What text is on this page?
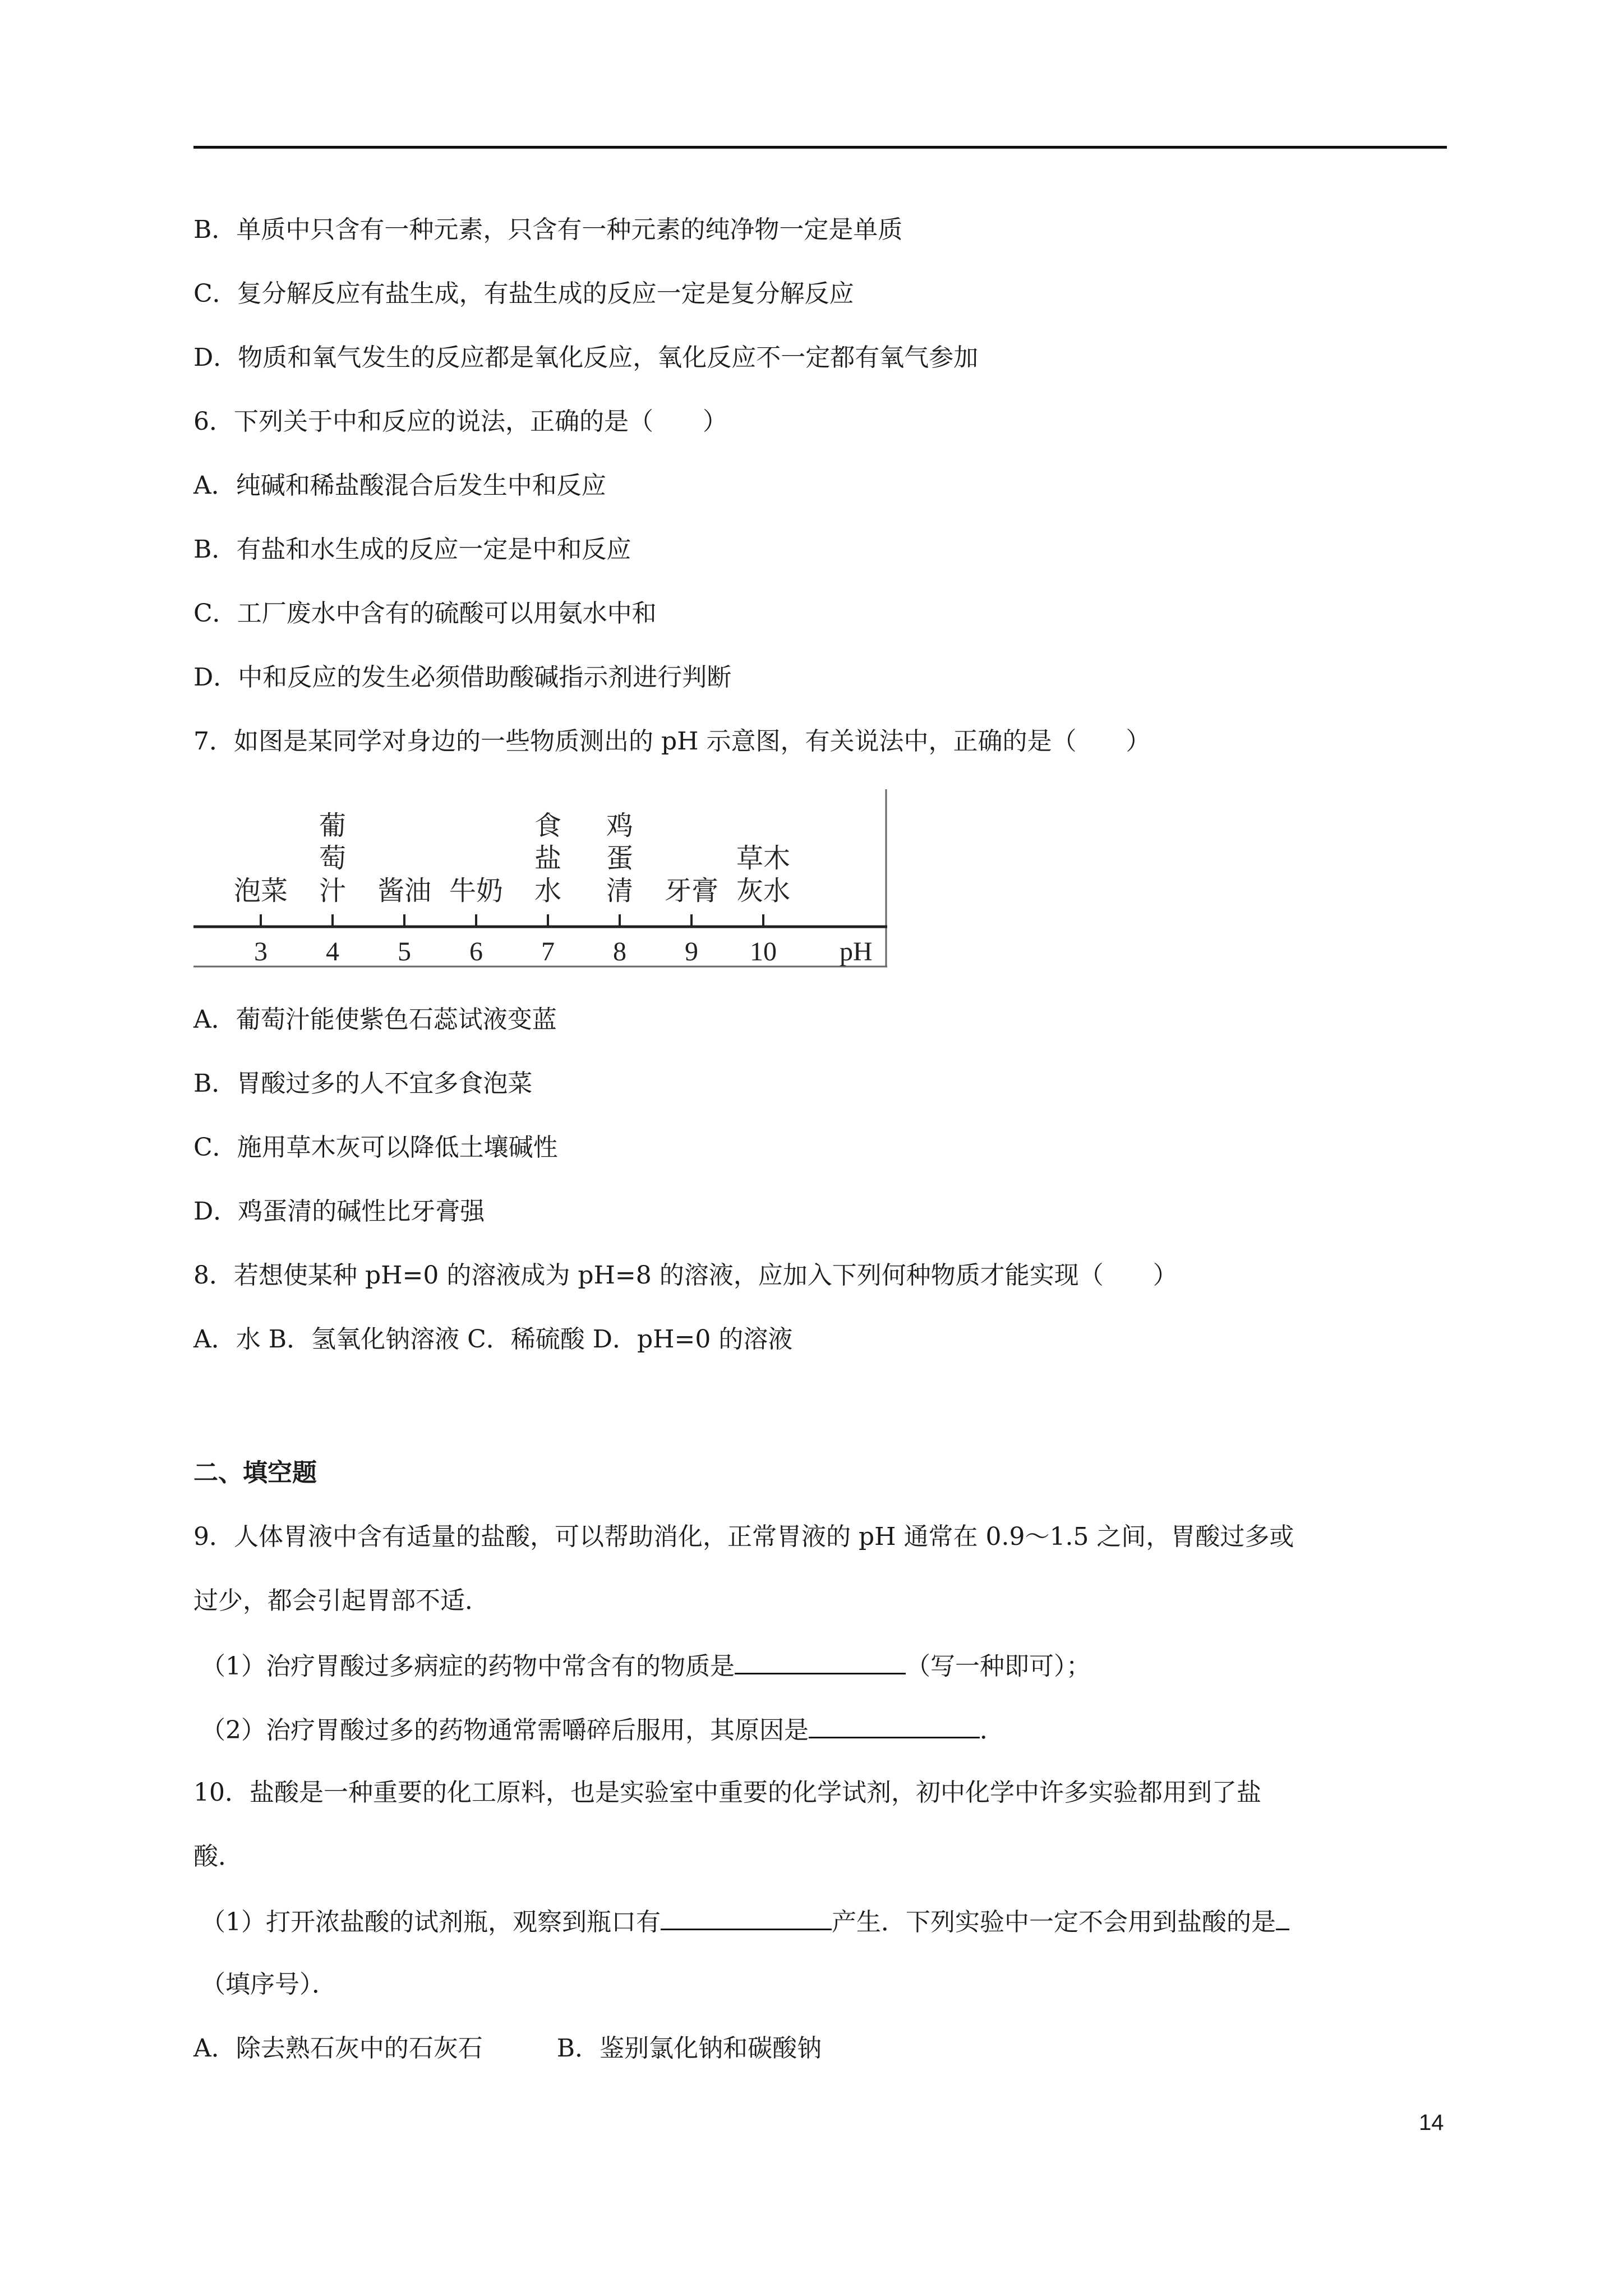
B．单质中只含有一种元素，只含有一种元素的纯净物一定是单质
C．复分解反应有盐生成，有盐生成的反应一定是复分解反应
D．物质和氧气发生的反应都是氧化反应，氧化反应不一定都有氧气参加
6．下列关于中和反应的说法，正确的是（　　）
A．纯碱和稀盐酸混合后发生中和反应
B．有盐和水生成的反应一定是中和反应
C．工厂废水中含有的硫酸可以用氨水中和
D．中和反应的发生必须借助酸碱指示剂进行判断
7．如图是某同学对身边的一些物质测出的 pH 示意图，有关说法中，正确的是（　　）
3 4 5 6 7 8 9 10
泡菜
葡
萄
汁 酱油 牛奶
食
盐
水
鸡
蛋
清 牙膏
草木
灰水
pH
A．葡萄汁能使紫色石蕊试液变蓝
B．胃酸过多的人不宜多食泡菜
C．施用草木灰可以降低土壤碱性
D．鸡蛋清的碱性比牙膏强
8．若想使某种 pH=0 的溶液成为 pH=8 的溶液，应加入下列何种物质才能实现（　　）
A．水 B．氢氧化钠溶液 C．稀硫酸 D．pH=0 的溶液
二、填空题
9．人体胃液中含有适量的盐酸，可以帮助消化，正常胃液的 pH 通常在 0.9～1.5 之间，胃酸过多或
过少，都会引起胃部不适．
（1）治疗胃酸过多病症的药物中常含有的物质是	（写一种即可）；
（2）治疗胃酸过多的药物通常需嚼碎后服用，其原因是	．
10．盐酸是一种重要的化工原料，也是实验室中重要的化学试剂，初中化学中许多实验都用到了盐
酸．
（1）打开浓盐酸的试剂瓶，观察到瓶口有	产生．下列实验中一定不会用到盐酸的是
（填序号）．
A．除去熟石灰中的石灰石　　　B．鉴别氯化钠和碳酸钠
14
